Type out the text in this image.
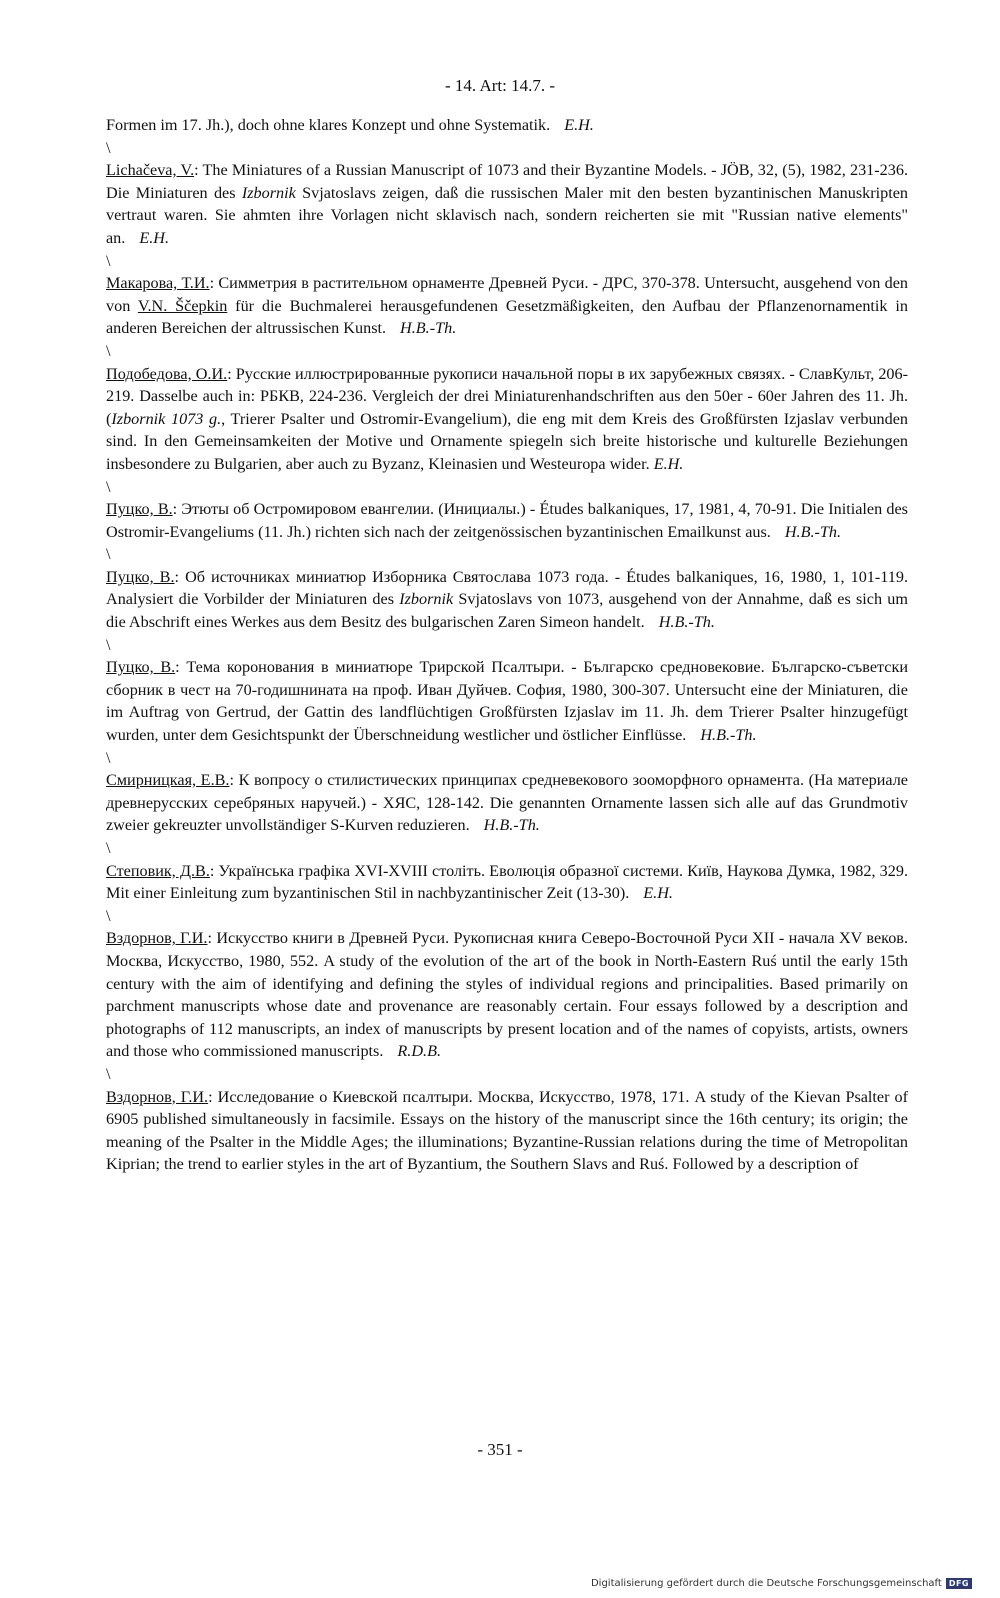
- 14. Art: 14.7. -
Formen im 17. Jh.), doch ohne klares Konzept und ohne Systematik. E.H.
\
Lichačeva, V.: The Miniatures of a Russian Manuscript of 1073 and their Byzantine Models. - JÖB, 32, (5), 1982, 231-236. Die Miniaturen des Izbornik Svjatoslavs zeigen, daß die russischen Maler mit den besten byzantinischen Manuskripten vertraut waren. Sie ahmten ihre Vorlagen nicht sklavisch nach, sondern reicherten sie mit "Russian native elements" an. E.H.
\
Макарова, Т.И.: Симметрия в растительном орнаменте Древней Руси. - ДРС, 370-378. Untersucht, ausgehend von den von V.N. Ščepkin für die Buchmalerei herausgefundenen Gesetzmäßigkeiten, den Aufbau der Pflanzenornamentik in anderen Bereichen der altrussischen Kunst. H.B.-Th.
\
Подобедова, О.И.: Русские иллюстрированные рукописи начальной поры в их зарубежных связях. - СлавКульт, 206-219. Dasselbe auch in: РБКВ, 224-236. Vergleich der drei Miniaturenhandschriften aus den 50er - 60er Jahren des 11. Jh. (Izbornik 1073 g., Trierer Psalter und Ostromir-Evangelium), die eng mit dem Kreis des Großfürsten Izjaslav verbunden sind. In den Gemeinsamkeiten der Motive und Ornamente spiegeln sich breite historische und kulturelle Beziehungen insbesondere zu Bulgarien, aber auch zu Byzanz, Kleinasien und Westeuropa wider. E.H.
\
Пуцко, В.: Этюты об Остромировом евангелии. (Инициалы.) - Études balkaniques, 17, 1981, 4, 70-91. Die Initialen des Ostromir-Evangeliums (11. Jh.) richten sich nach der zeitgenössischen byzantinischen Emailkunst aus. H.B.-Th.
\
Пуцко, В.: Об источниках миниатюр Изборника Святослава 1073 года. - Études balkaniques, 16, 1980, 1, 101-119. Analysiert die Vorbilder der Miniaturen des Izbornik Svjatoslavs von 1073, ausgehend von der Annahme, daß es sich um die Abschrift eines Werkes aus dem Besitz des bulgarischen Zaren Simeon handelt. H.B.-Th.
\
Пуцко, В.: Тема коронования в миниатюре Трирской Псалтыри. - Българско средновековие. Българско-съветски сборник в чест на 70-годишнината на проф. Иван Дуйчев. София, 1980, 300-307. Untersucht eine der Miniaturen, die im Auftrag von Gertrud, der Gattin des landflüchtigen Großfürsten Izjaslav im 11. Jh. dem Trierer Psalter hinzugefügt wurden, unter dem Gesichtspunkt der Überschneidung westlicher und östlicher Einflüsse. H.B.-Th.
\
Смирницкая, Е.В.: К вопросу о стилистических принципах средневекового зооморфного орнамента. (На материале древнерусских серебряных наручей.) - ХЯС, 128-142. Die genannten Ornamente lassen sich alle auf das Grundmotiv zweier gekreuzter unvollständiger S-Kurven reduzieren. H.B.-Th.
\
Степовик, Д.В.: Українська графіка XVI-XVIII століть. Еволюція образної системи. Київ, Наукова Думка, 1982, 329. Mit einer Einleitung zum byzantinischen Stil in nachbyzantinischer Zeit (13-30). E.H.
\
Вздорнов, Г.И.: Искусство книги в Древней Руси. Рукописная книга Северо-Восточной Руси XII - начала XV веков. Москва, Искусство, 1980, 552. A study of the evolution of the art of the book in North-Eastern Ruś until the early 15th century with the aim of identifying and defining the styles of individual regions and principalities. Based primarily on parchment manuscripts whose date and provenance are reasonably certain. Four essays followed by a description and photographs of 112 manuscripts, an index of manuscripts by present location and of the names of copyists, artists, owners and those who commissioned manuscripts. R.D.B.
\
Вздорнов, Г.И.: Исследование о Киевской псалтыри. Москва, Искусство, 1978, 171. A study of the Kievan Psalter of 6905 published simultaneously in facsimile. Essays on the history of the manuscript since the 16th century; its origin; the meaning of the Psalter in the Middle Ages; the illuminations; Byzantine-Russian relations during the time of Metropolitan Kiprian; the trend to earlier styles in the art of Byzantium, the Southern Slavs and Ruś. Followed by a description of
- 351 -
Digitalisierung gefördert durch die Deutsche Forschungsgemeinschaft DFG
